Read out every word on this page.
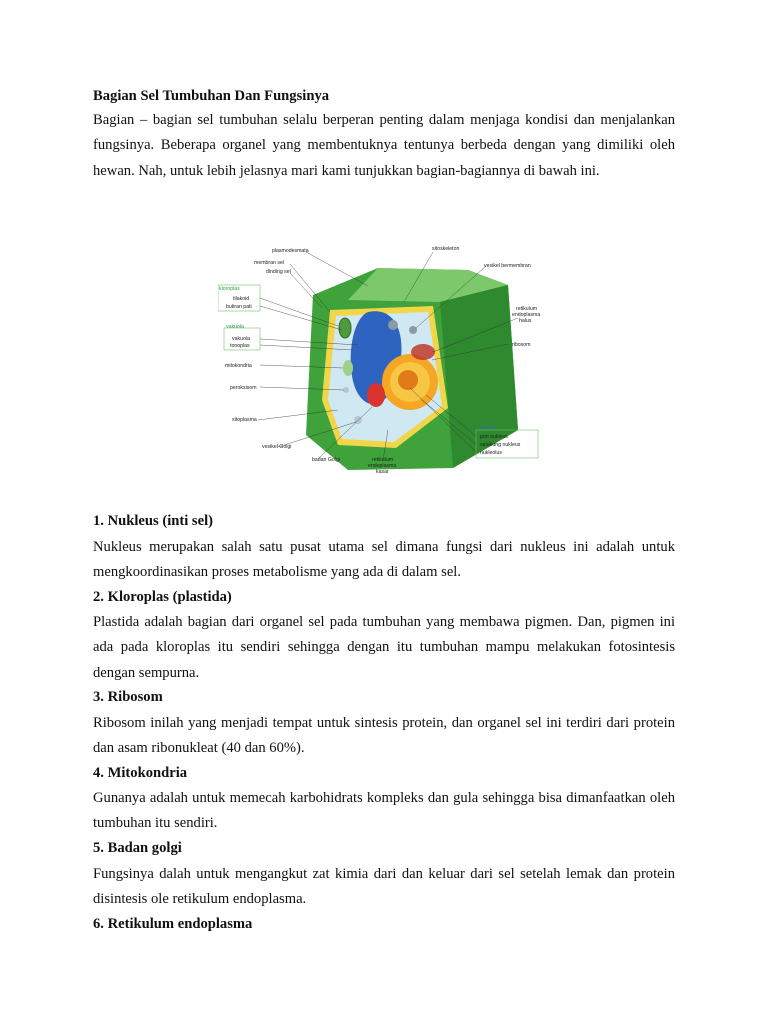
Bagian Sel Tumbuhan Dan Fungsinya
Bagian – bagian sel tumbuhan selalu berperan penting dalam menjaga kondisi dan menjalankan fungsinya. Beberapa organel yang membentuknya tentunya berbeda dengan yang dimiliki oleh hewan. Nah, untuk lebih jelasnya mari kami tunjukkan bagian-bagiannya di bawah ini.
plasmodesmata
membran sel
dinding sel
kloroplas
tilakoid
butiran pati
vakuola
vakuola
tonoplas
mitokondria
peroksisom
sitoplasma
vesikel Golgi
badan Golgi	retikulum
endoplasma
kasar
sitoskeleton
vesikel bermembran
retikulum
endoplasma
halus
ribosom
nukleus
pori nukleus
selubung nukleus
nukleolus
1. Nukleus (inti sel)
Nukleus merupakan salah satu pusat utama sel dimana fungsi dari nukleus ini adalah untuk mengkoordinasikan proses metabolisme yang ada di dalam sel.
2. Kloroplas (plastida)
Plastida adalah bagian dari organel sel pada tumbuhan yang membawa pigmen. Dan, pigmen ini ada pada kloroplas itu sendiri sehingga dengan itu tumbuhan mampu melakukan fotosintesis dengan sempurna.
3. Ribosom
Ribosom inilah yang menjadi tempat untuk sintesis protein, dan organel sel ini terdiri dari protein dan asam ribonukleat (40 dan 60%).
4. Mitokondria
Gunanya adalah untuk memecah karbohidrats kompleks dan gula sehingga bisa dimanfaatkan oleh tumbuhan itu sendiri.
5. Badan golgi
Fungsinya dalah untuk mengangkut zat kimia dari dan keluar dari sel setelah lemak dan protein disintesis ole retikulum endoplasma.
6. Retikulum endoplasma
